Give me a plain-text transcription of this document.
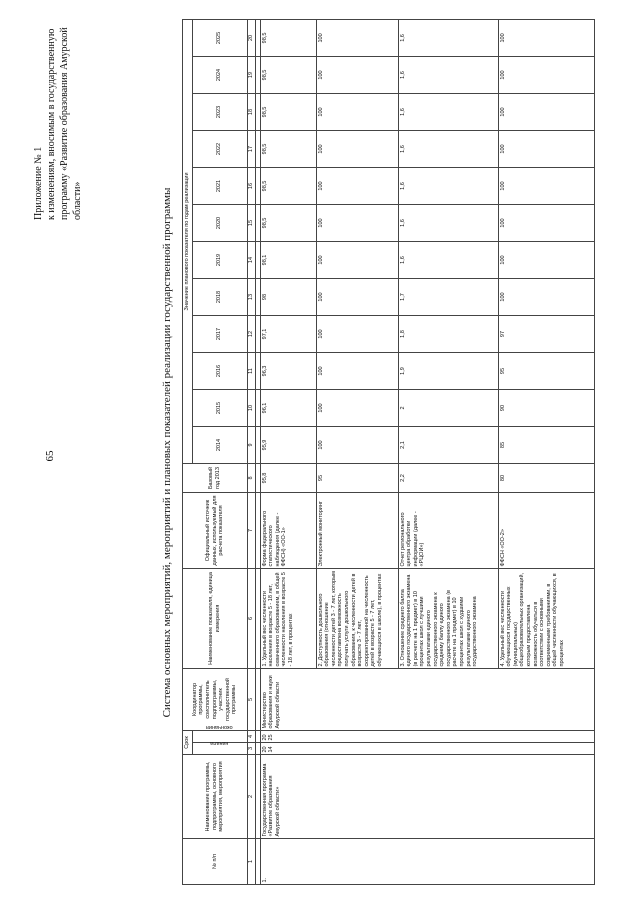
65
Приложение № 1 к изменениям, вносимым в государственную программу «Развитие образования Амурской области»	Система основных мероприятий, мероприятий и плановых показателей реализации государственной программы
№ п/п	Наименование программы, подпрограммы, основного мероприятия, мероприятия	Срок		Координатор программы, соисполнитель подпрограммы, участник государственной программы	Наименование показателя, единица измерения	Официальный источник данных, используемый для расчета показателя	Базовый год 2013	Значение планового показателя по годам реализации											
		начала	окончания					2014	2015	2016	2017	2018	2019	2020	2021	2022	2023	2024	2025

1	2	3	4	5	6	7	8	9	10	11	12	13	14	15	16	17	18	19	20

1.	Государственная программа «Развитие образования Амурской области»	2014	2025	Министерство образования и науки Амурской области	1. Удельный вес численности населения в возрасте 5 - 18 лет, охваченного образованием, в общей численности населения в возрасте 5 - 18 лет, в процентах	Форма федерального статистического наблюдения (далее - ФФСН) «ОО-1»	95,8	95,9	96,1	96,3	97,1	98	98,1	98,5	98,5	98,5	98,5	98,5	98,5
					2. Доступность дошкольного образования (отношение численности детей 3 - 7 лет, которым предоставлена возможность получать услуги дошкольного образования, к численности детей в возрасте 3 - 7 лет, скорректированной на численность детей в возрасте 5 - 7 лет, обучающихся в школе), в процентах	Электронный мониторинг	95	100	100	100	100	100	100	100	100	100	100	100	100
					3. Отношение среднего балла единого государственного экзамена (в расчете на 1 предмет) в 10 процентах школ с лучшими результатами единого государственного экзамена к среднему баллу единого государственного экзамена (в расчете на 1 предмет) в 10 процентах школ с худшими результатами единого государственного экзамена	Отчет регионального центра обработки информации (далее - «РЦОИ»)	2,2	2,1	2	1,9	1,8	1,7	1,6	1,6	1,6	1,6	1,6	1,6	1,6
					4. Удельный вес численности обучающихся государственных (муниципальных) общеобразовательных организаций, которым предоставлена возможность обучаться в соответствии с основными современными требованиями, в общей численности обучающихся, в процентах	ФФСН «ОО-2»	80	85	90	95	97	100	100	100	100	100	100	100	100
